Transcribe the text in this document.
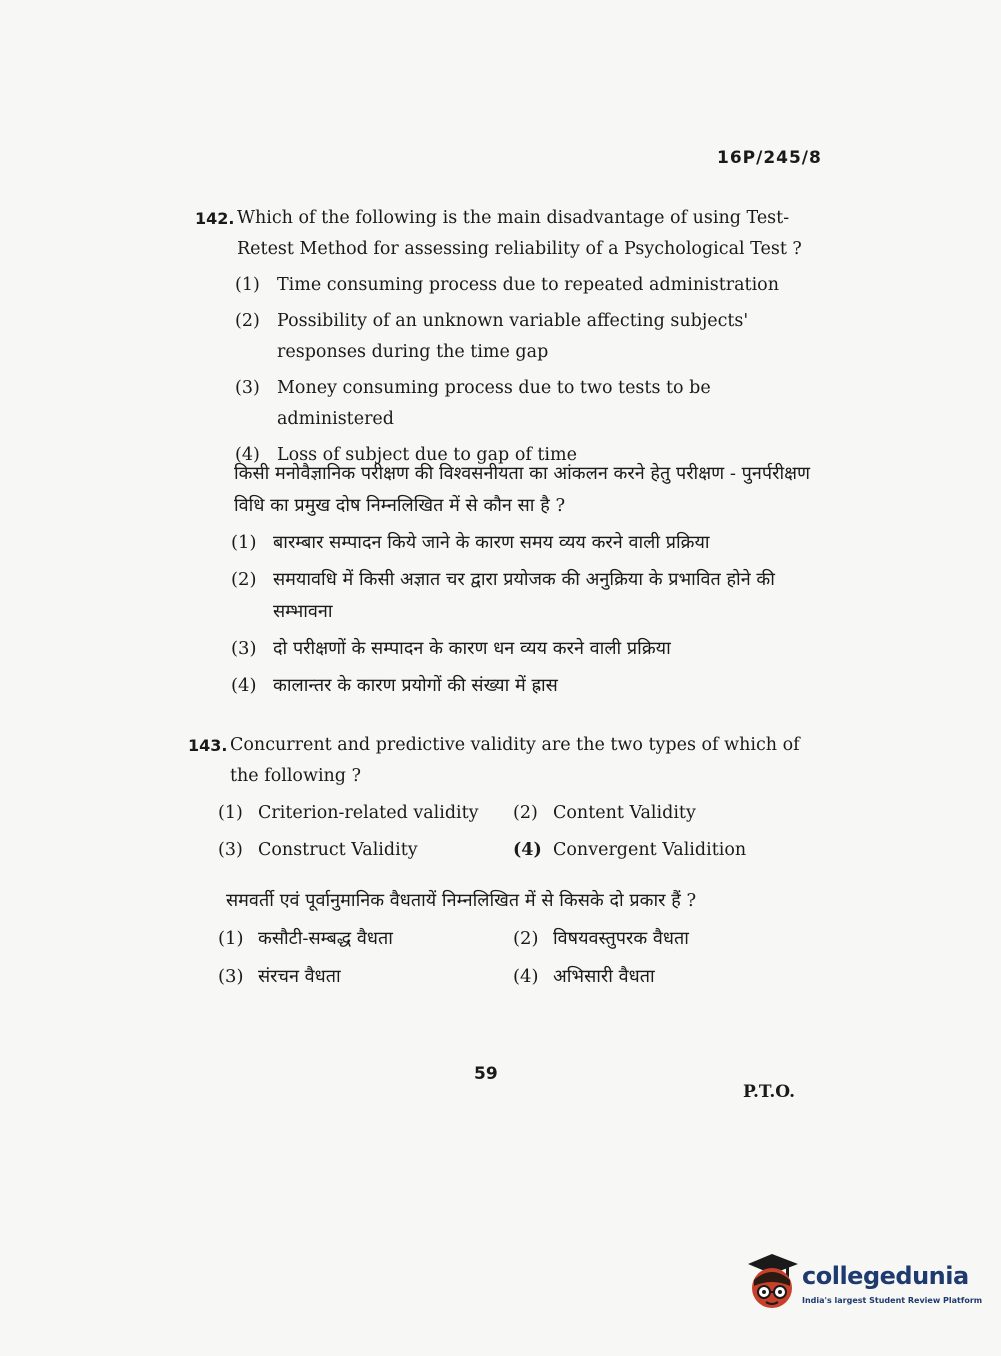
16P/245/8
142. Which of the following is the main disadvantage of using Test-Retest Method for assessing reliability of a Psychological Test ?
(1) Time consuming process due to repeated administration
(2) Possibility of an unknown variable affecting subjects' responses during the time gap
(3) Money consuming process due to two tests to be administered
(4) Loss of subject due to gap of time
किसी मनोवैज्ञानिक परीक्षण की विश्वसनीयता का आंकलन करने हेतु परीक्षण - पुनर्परीक्षण विधि का प्रमुख दोष निम्नलिखित में से कौन सा है ?
(1) बारम्बार सम्पादन किये जाने के कारण समय व्यय करने वाली प्रक्रिया
(2) समयावधि में किसी अज्ञात चर द्वारा प्रयोजक की अनुक्रिया के प्रभावित होने की सम्भावना
(3) दो परीक्षणों के सम्पादन के कारण धन व्यय करने वाली प्रक्रिया
(4) कालान्तर के कारण प्रयोगों की संख्या में ह्रास
143. Concurrent and predictive validity are the two types of which of the following ?
(1) Criterion-related validity (2) Content Validity
(3) Construct Validity	(4) Convergent Validition
समवर्ती एवं पूर्वानुमानिक वैधतायें निम्नलिखित में से किसके दो प्रकार हैं ?
(1) कसौटी-सम्बद्ध वैधता	(2) विषयवस्तुपरक वैधता
(3) संरचन वैधता	(4) अभिसारी वैधता
59
P.T.O.
collegedunia
India's largest Student Review Platform
